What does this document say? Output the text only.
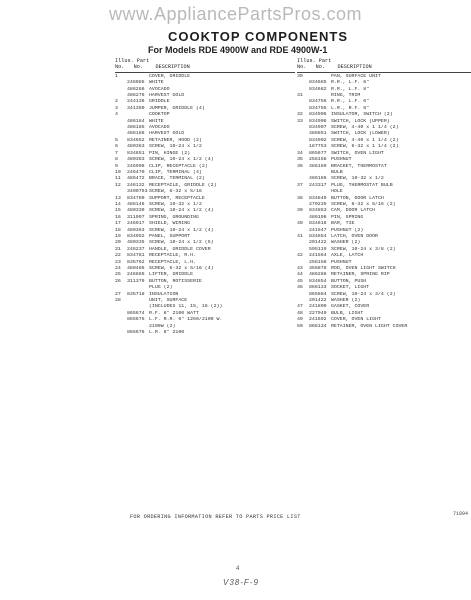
www.AppliancePartsPros.com
COOKTOP COMPONENTS
For Models RDE 4900W and RDE 4900W-1
Illus. Part
No.   No.    DESCRIPTION
1	COVER, GRIDDLE
246085 WHITE
486266 AVOCADO
486276 HARVEST GOLD
2	244136 GRIDDLE
3	341380 JUMPER, GRIDDLE (4)
4	COOKTOP
486184 WHITE
486185 AVOCADO
486186 HARVEST GOLD
5	834652 RETAINER, HOOD (2)
6	480363 SCREW, 10-24 x 1/2
7	834651 PIN, HINGE (2)
8	480363 SCREW, 10-24 x 1/2 (4)
9	246998 CLIP, RECEPTACLE (2)
10	246470 CLIP, TERMINAL (4)
11	486472 BRACE, TERMINAL (2)
12	246132 RECEPTACLE, GRIDDLE (2)
3400793 SCREW, 6-32 x 5/16
13	834780 SUPPORT, RECEPTACLE
14	486146 SCREW, 10-32 x 1/2
15	480339 SCREW, 10-24 x 1/2 (4)
16	311097 SPRING, GROUNDING
17	246017 SHIELD, WIRING
18	480363 SCREW, 10-24 x 1/2 (4)
19	834952 PANEL, SUPPORT
20	480335 SCREW, 10-24 x 1/2 (5)
21	246237 HANDLE, GRIDDLE COVER
22	834781 RECEPTACLE, R.H.
23	835762 RECEPTACLE, L.H.
24	480486 SCREW, 6-32 x 5/16 (4)
25	246865 LIFTER, GRIDDLE
26	311379 BUTTON, ROTISSERIE
PLUG (2)
27	835718 INSULATION
28	UNIT, SURFACE
(INCLUDES 11, 15, 16 (2))
865674 R.F. 8" 2100 WATT
865675 L.F. R.R. 6" 1250/2100 W.
2100W (2)
865676 L.R. 8" 2100
Illus. Part
No.   No.    DESCRIPTION
30	PAN, SURFACE UNIT
834685 R.R., L.F. 6"
834682 R.R., L.F. 8"
31	RING, TRIM
834756 R.R., L.F. 6"
834755 L.R., R.F. 8"
32	834905 INSULATOR, SWITCH (2)
33	834906 SWITCH, LOCK (UPPER)
834907 SCREW, 4-40 x 1 1/4 (2)
486851 SWITCH, LOCK (LOWER)
834902 SCREW, 4-40 x 1 1/4 (2)
187753 SCREW, 6-32 x 1 1/4 (2)
34	865677 SWITCH, OVEN LIGHT
35	258158 PUSHNUT
36	486169 BRACKET, THERMOSTAT
BULB
486186 SCREW, 10-32 x 1/2
37	243317 PLUG, THERMOSTAT BULB
HOLE
38	834849 BUTTON, DOOR LATCH
270235 SCREW, 8-32 x 5/16 (2)
39	834853 CAM, DOOR LATCH
486196 PIN, SPRING
40	834618 BAR, TIE
241547 PUSHNUT (2)
41	834854 LATCH, OVEN DOOR
201422 WASHER (2)
595119 SCREW, 10-24 x 3/8 (2)
42	241564 AXLE, LATCH
258158 PUSHNUT
43	356878 ROD, OVEN LIGHT SWITCH
44	486286 RETAINER, SPRING RIP
45	834854 BUTTON, PUSH
46	866133 SOCKET, LIGHT
865884 SCREW, 10-24 x 3/4 (2)
201422 WASHER (2)
47	241809 GASKET, COVER
48	227949 BULB, LIGHT
49	241692 COVER, OVEN LIGHT
50	866134 RETAINER, OVEN LIGHT COVER
FOR ORDERING INFORMATION REFER TO PARTS PRICE LIST	71894
4
V38-F-9
